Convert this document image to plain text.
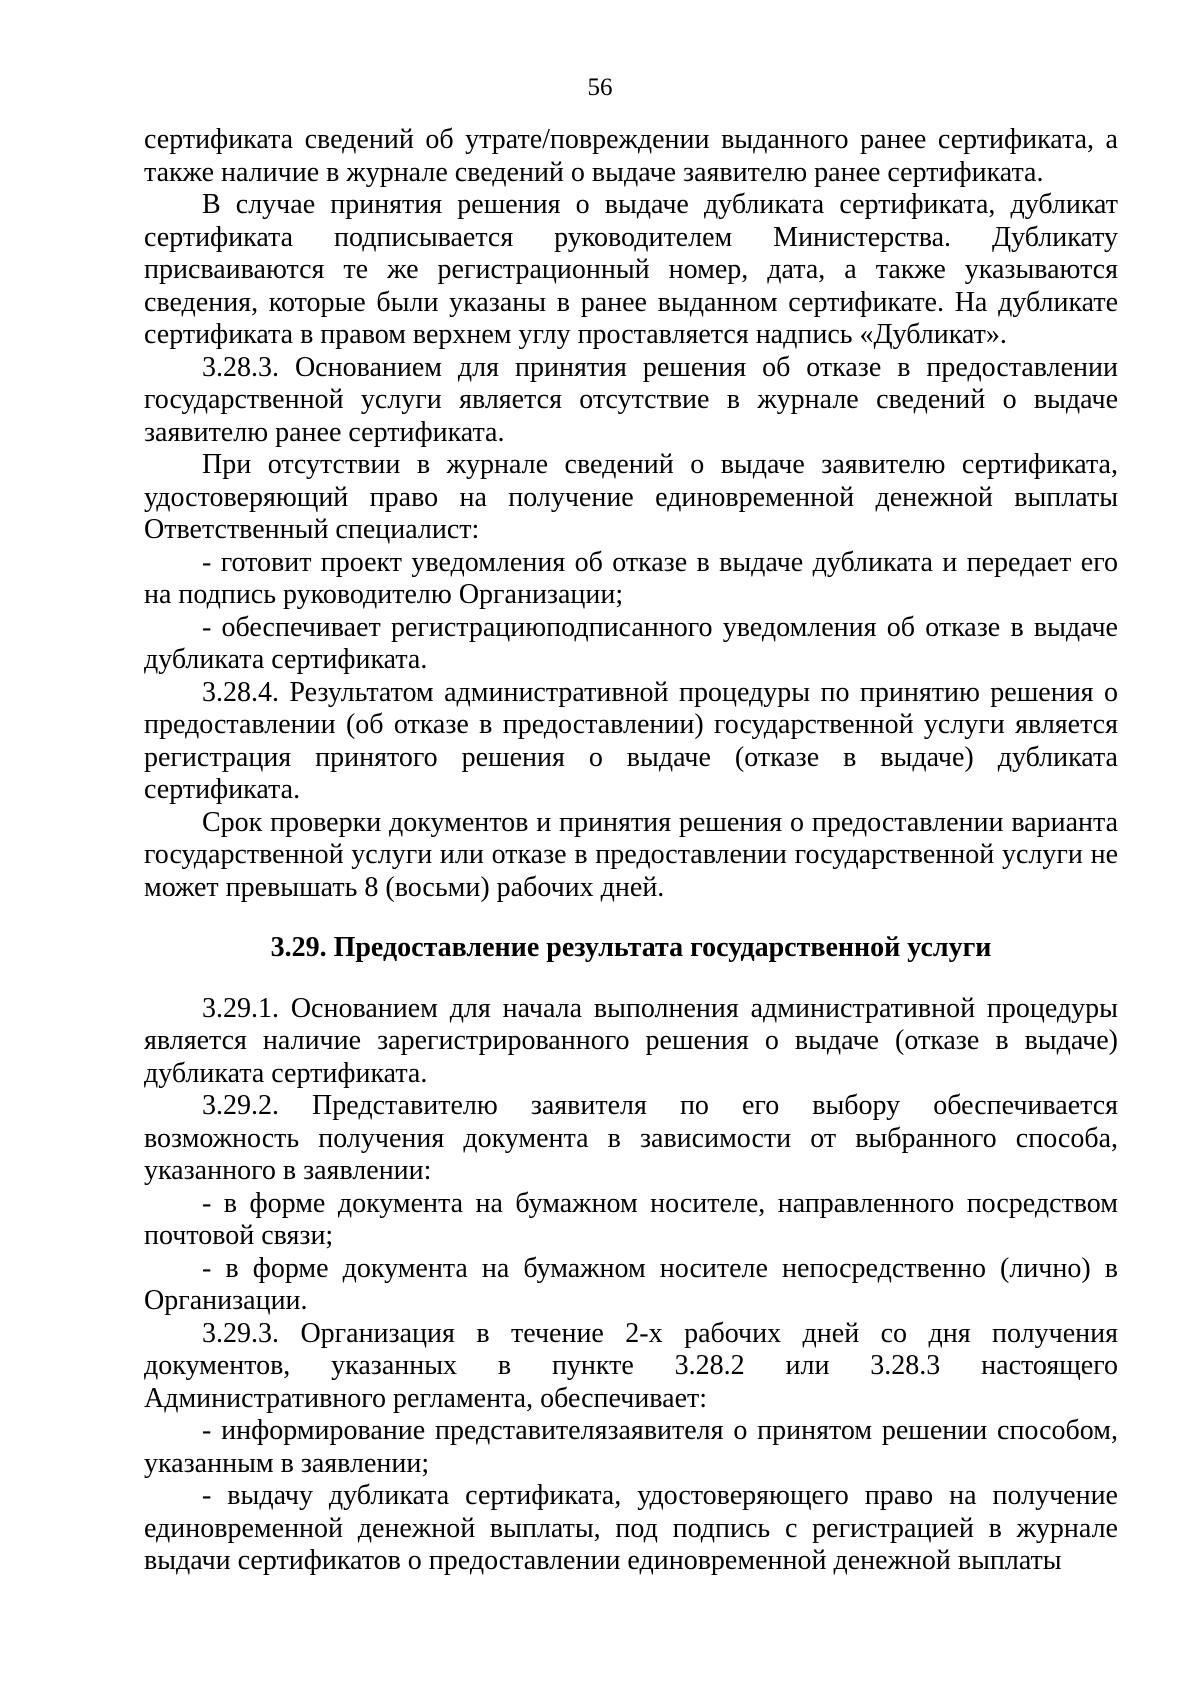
56

сертификата сведений об утрате/повреждении выданного ранее сертификата, а также наличие в журнале сведений о выдаче заявителю ранее сертификата.

В случае принятия решения о выдаче дубликата сертификата, дубликат сертификата подписывается руководителем Министерства. Дубликату присваиваются те же регистрационный номер, дата, а также указываются сведения, которые были указаны в ранее выданном сертификате. На дубликате сертификата в правом верхнем углу проставляется надпись «Дубликат».

3.28.3. Основанием для принятия решения об отказе в предоставлении государственной услуги является отсутствие в журнале сведений о выдаче заявителю ранее сертификата.

При отсутствии в журнале сведений о выдаче заявителю сертификата, удостоверяющий право на получение единовременной денежной выплаты Ответственный специалист:

- готовит проект уведомления об отказе в выдаче дубликата и передает его на подпись руководителю Организации;

- обеспечивает регистрациюподписанного уведомления об отказе в выдаче дубликата сертификата.

3.28.4. Результатом административной процедуры по принятию решения о предоставлении (об отказе в предоставлении) государственной услуги является регистрация принятого решения о выдаче (отказе в выдаче) дубликата сертификата.

Срок проверки документов и принятия решения о предоставлении варианта государственной услуги или отказе в предоставлении государственной услуги не может превышать 8 (восьми) рабочих дней.

3.29. Предоставление результата государственной услуги

3.29.1. Основанием для начала выполнения административной процедуры является наличие зарегистрированного решения о выдаче (отказе в выдаче) дубликата сертификата.

3.29.2. Представителю заявителя по его выбору обеспечивается возможность получения документа в зависимости от выбранного способа, указанного в заявлении:

- в форме документа на бумажном носителе, направленного посредством почтовой связи;

- в форме документа на бумажном носителе непосредственно (лично) в Организации.

3.29.3. Организация в течение 2-х рабочих дней со дня получения документов, указанных в пункте 3.28.2 или 3.28.3 настоящего Административного регламента, обеспечивает:

- информирование представителязаявителя о принятом решении способом, указанным в заявлении;

- выдачу дубликата сертификата, удостоверяющего право на получение единовременной денежной выплаты, под подпись с регистрацией в журнале выдачи сертификатов о предоставлении единовременной денежной выплаты
